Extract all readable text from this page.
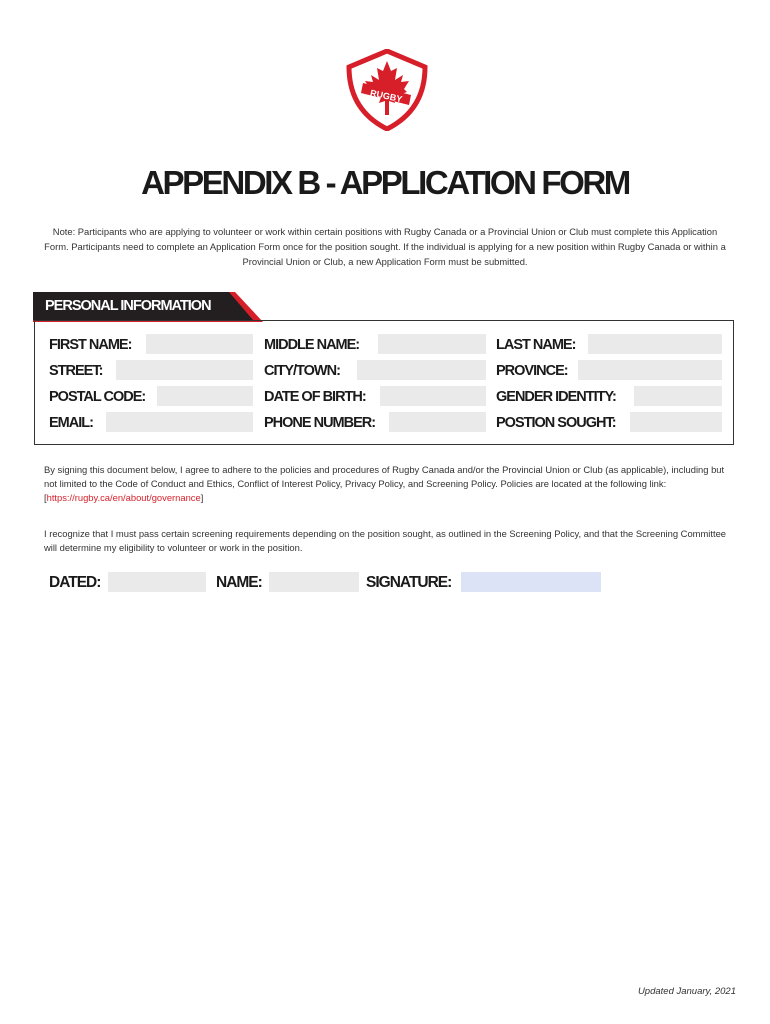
RUGBY
APPENDIX B - APPLICATION FORM
Note: Participants who are applying to volunteer or work within certain positions with Rugby Canada or a Provincial Union or Club must complete this Application Form. Participants need to complete an Application Form once for the position sought. If the individual is applying for a new position within Rugby Canada or within a Provincial Union or Club, a new Application Form must be submitted.
PERSONAL INFORMATION
FIRST NAME:	MIDDLE NAME:	LAST NAME:
STREET:	CITY/TOWN:	PROVINCE:
POSTAL CODE:	DATE OF BIRTH:	GENDER IDENTITY:
EMAIL:	PHONE NUMBER:	POSTION SOUGHT:
By signing this document below, I agree to adhere to the policies and procedures of Rugby Canada and/or the Provincial Union or Club (as applicable), including but not limited to the Code of Conduct and Ethics, Conflict of Interest Policy, Privacy Policy, and Screening Policy. Policies are located at the following link: [https://rugby.ca/en/about/governance]
I recognize that I must pass certain screening requirements depending on the position sought, as outlined in the Screening Policy, and that the Screening Committee will determine my eligibility to volunteer or work in the position.
DATED:	NAME:	SIGNATURE:
Updated January, 2021
